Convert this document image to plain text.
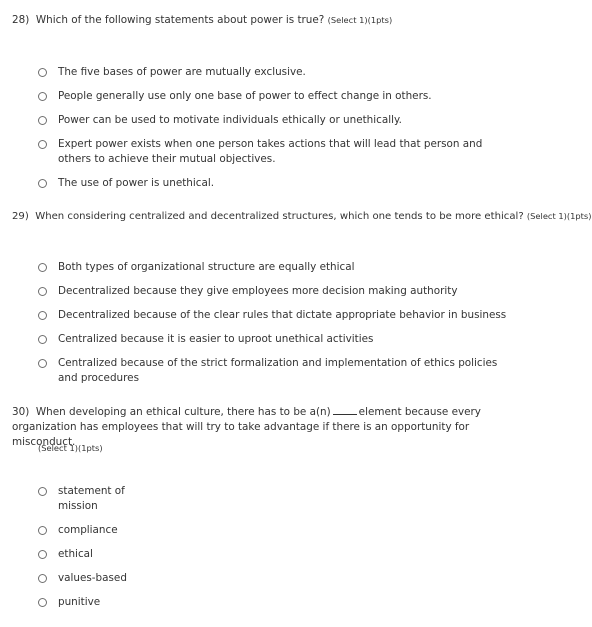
28) Which of the following statements about power is true? (Select 1)(1pts)
The five bases of power are mutually exclusive.
People generally use only one base of power to effect change in others.
Power can be used to motivate individuals ethically or unethically.
Expert power exists when one person takes actions that will lead that person and others to achieve their mutual objectives.
The use of power is unethical.
29) When considering centralized and decentralized structures, which one tends to be more ethical? (Select 1)(1pts)
Both types of organizational structure are equally ethical
Decentralized because they give employees more decision making authority
Decentralized because of the clear rules that dictate appropriate behavior in business
Centralized because it is easier to uproot unethical activities
Centralized because of the strict formalization and implementation of ethics policies and procedures
30) When developing an ethical culture, there has to be a(n)	element because every organization has employees that will try to take advantage if there is an opportunity for misconduct.
(Select 1)(1pts)
statement of mission
compliance
ethical
values-based
punitive
